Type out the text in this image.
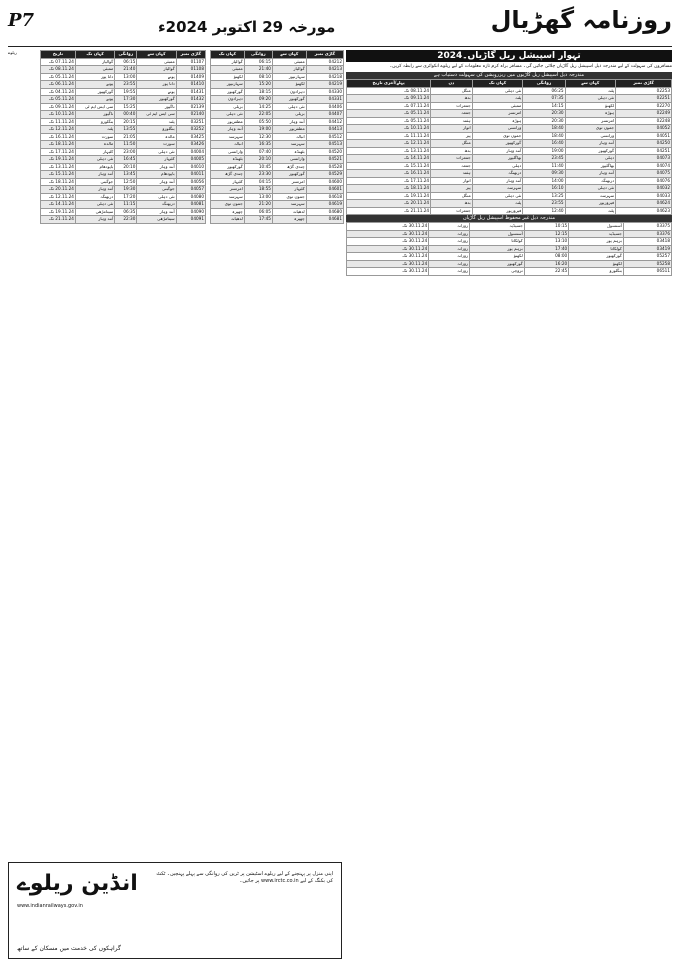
P7	مورخہ 29 اکتوبر 2024ء	روزنامہ گھڑیال
ریلوے	گاڑی نمبر	کہاں سے	روانگی	کہاں تک	تاریخ
01107	ممبئی	06:15	گوالیار	07.11.24 تک
01108	گوالیار	21:40	ممبئی	08.11.24 تک
01409	پونے	13:00	دانا پور	05.11.24 تک
01410	دانا پور	23:55	پونے	06.11.24 تک
01431	پونے	19:55	گورکھپور	04.11.24 تک
01432	گورکھپور	17:30	پونے	05.11.24 تک
02139	ناگپور	15:25	سی ایس ایم ٹی	09.11.24 تک
02140	سی ایس ایم ٹی	00:40	ناگپور	10.11.24 تک
03251	پٹنہ	20:15	بنگلورو	11.11.24 تک
03252	بنگلورو	13:55	پٹنہ	12.11.24 تک
03425	مالدہ	21:05	سورت	16.11.24 تک
03426	سورت	11:50	مالدہ	18.11.24 تک
04004	نئی دہلی	23:00	کٹیہار	17.11.24 تک
04005	کٹیہار	16:45	نئی دہلی	19.11.24 تک
04010	آنند وہار	20:10	باپودھام	13.11.24 تک
04011	باپودھام	13:45	آنند وہار	15.11.24 تک
04056	آنند وہار	12:50	جوگبنی	18.11.24 تک
04057	جوگبنی	19:30	آنند وہار	20.11.24 تک
04080	نئی دہلی	17:20	دربھنگہ	12.11.24 تک
04081	دربھنگہ	11:15	نئی دہلی	14.11.24 تک
04090	آنند وہار	06:35	سیتامڑھی	19.11.24 تک
04091	سیتامڑھی	22:30	آنند وہار	21.11.24 تک
گاڑی نمبر	کہاں سے	روانگی	کہاں تک
04212	ممبئی	06:15	گوالیار
04213	گوالیار	21:40	ممبئی
04218	سہارنپور	08:10	لکھنؤ
04219	لکھنؤ	15:20	سہارنپور
04330	دہرادون	18:15	گورکھپور
04331	گورکھپور	09:20	دہرادون
04406	نئی دہلی	14:25	بریلی
04407	بریلی	22:05	نئی دہلی
04412	آنند وہار	05:50	مظفرپور
04413	مظفرپور	19:00	آنند وہار
04512	انبالہ	12:30	سہرسہ
04513	سہرسہ	16:35	انبالہ
04520	بٹھنڈہ	07:40	وارانسی
04521	وارانسی	20:10	بٹھنڈہ
04528	چندی گڑھ	10:45	گورکھپور
04529	گورکھپور	23:30	چندی گڑھ
04600	امرتسر	04:15	کٹیہار
04601	کٹیہار	18:55	امرتسر
04618	جموں توی	13:00	سہرسہ
04619	سہرسہ	21:20	جموں توی
04680	لدھیانہ	06:05	چھپرہ
04681	چھپرہ	17:45	لدھیانہ
تہوار اسپیشل ریل گاڑیاں۔2024
مسافروں کی سہولت کے لیے مندرجہ ذیل اسپیشل ریل گاڑیاں چلائی جائیں گی۔ مسافر براہ کرم تازہ معلومات کے لیے ریلوے انکوائری سے رابطہ کریں۔
مندرجہ ذیل اسپیشل ریل گاڑیوں میں ریزرویشن کی سہولت دستیاب ہے
گاڑی نمبر	کہاں سے	روانگی	کہاں تک	دن	پہلے/آخری تاریخ
02253	پٹنہ	06:25	نئی دہلی	منگل	08.11.24 تک
02251	نئی دہلی	07:35	پٹنہ	بدھ	09.11.24 تک
02270	لکھنؤ	14:15	ممبئی	جمعرات	07.11.24 تک
02249	ہوڑہ	20:30	امرتسر	جمعہ	05.11.24 تک
02248	امرتسر	20:30	ہوڑہ	ہفتہ	05.11.24 تک
04052	جموں توی	18:40	ورانسی	اتوار	10.11.24 تک
04051	ورانسی	18:40	جموں توی	پیر	11.11.24 تک
04250	آنند وہار	16:40	گورکھپور	منگل	12.11.24 تک
04251	گورکھپور	19:00	آنند وہار	بدھ	13.11.24 تک
04073	دہلی	23:45	بھاگلپور	جمعرات	14.11.24 تک
04074	بھاگلپور	11:40	دہلی	جمعہ	15.11.24 تک
04075	آنند وہار	09:30	دربھنگہ	ہفتہ	16.11.24 تک
04076	دربھنگہ	14:00	آنند وہار	اتوار	17.11.24 تک
04032	نئی دہلی	16:10	سہرسہ	پیر	18.11.24 تک
04033	سہرسہ	13:25	نئی دہلی	منگل	19.11.24 تک
04624	فیروزپور	23:55	پٹنہ	بدھ	20.11.24 تک
04623	پٹنہ	12:40	فیروزپور	جمعرات	21.11.24 تک
مندرجہ ذیل غیر محفوظ اسپیشل ریل گاڑیاں
03375	آسنسول	10:15	جسیڈیہ	روزانہ	30.11.24 تک
03376	جسیڈیہ	12:15	آسنسول	روزانہ	30.11.24 تک
03418	برہم پور	13:10	کولکاتا	روزانہ	30.11.24 تک
03419	کولکاتا	17:40	برہم پور	روزانہ	30.11.24 تک
05257	گورکھپور	08:00	لکھنؤ	روزانہ	30.11.24 تک
05258	لکھنؤ	16:20	گورکھپور	روزانہ	30.11.24 تک
06511	بنگلورو	22:45	تروچی	روزانہ	30.11.24 تک
انڈین ریلوے
www.indianrailways.gov.in
اپنی منزل پر پہنچنے کے لیے ریلوے اسٹیشن پر ٹرین کی روانگی سے پہلے پہنچیں۔ ٹکٹ کی بکنگ کے لیے www.irctc.co.in پر جائیں۔
گراہکوں کی خدمت میں مسکان کے ساتھ
